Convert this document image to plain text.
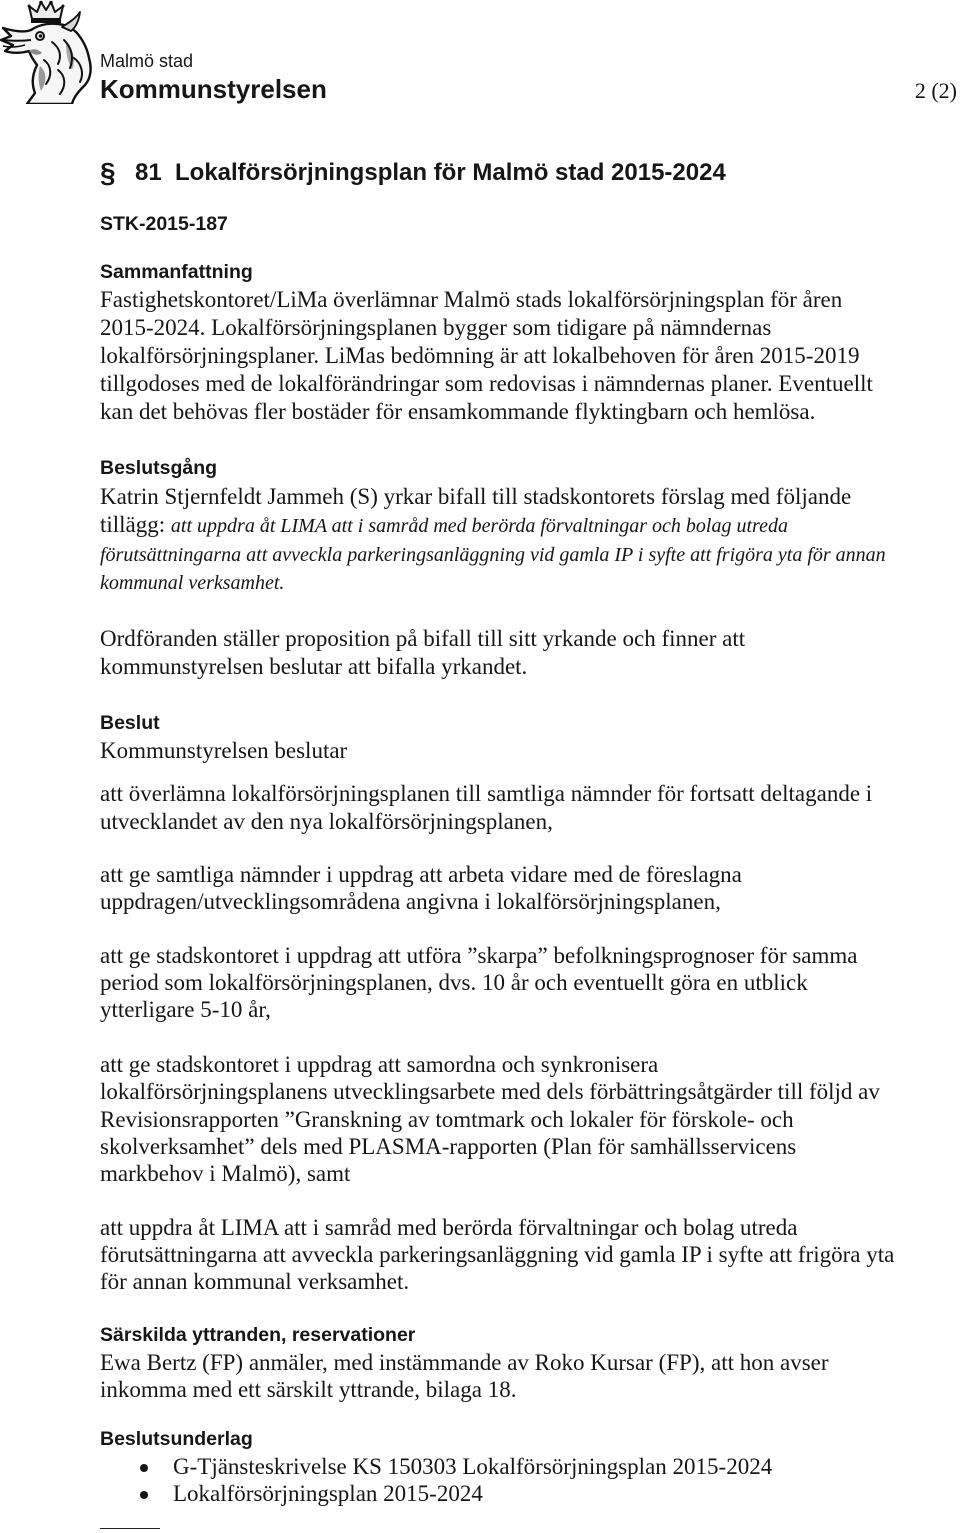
Malmö stad
Kommunstyrelsen	2 (2)
§ 81 Lokalförsörjningsplan för Malmö stad 2015-2024
STK-2015-187
Sammanfattning
Fastighetskontoret/LiMa överlämnar Malmö stads lokalförsörjningsplan för åren
2015-2024. Lokalförsörjningsplanen bygger som tidigare på nämndernas
lokalförsörjningsplaner. LiMas bedömning är att lokalbehoven för åren 2015-2019
tillgodoses med de lokalförändringar som redovisas i nämndernas planer. Eventuellt
kan det behövas fler bostäder för ensamkommande flyktingbarn och hemlösa.
Beslutsgång
Katrin Stjernfeldt Jammeh (S) yrkar bifall till stadskontorets förslag med följande
tillägg: att uppdra åt LIMA att i samråd med berörda förvaltningar och bolag utreda
förutsättningarna att avveckla parkeringsanläggning vid gamla IP i syfte att frigöra yta för annan
kommunal verksamhet.
Ordföranden ställer proposition på bifall till sitt yrkande och finner att
kommunstyrelsen beslutar att bifalla yrkandet.
Beslut
Kommunstyrelsen beslutar
att överlämna lokalförsörjningsplanen till samtliga nämnder för fortsatt deltagande i
utvecklandet av den nya lokalförsörjningsplanen,
att ge samtliga nämnder i uppdrag att arbeta vidare med de föreslagna
uppdragen/utvecklingsområdena angivna i lokalförsörjningsplanen,
att ge stadskontoret i uppdrag att utföra ”skarpa” befolkningsprognoser för samma
period som lokalförsörjningsplanen, dvs. 10 år och eventuellt göra en utblick
ytterligare 5-10 år,
att ge stadskontoret i uppdrag att samordna och synkronisera
lokalförsörjningsplanens utvecklingsarbete med dels förbättringsåtgärder till följd av
Revisionsrapporten ”Granskning av tomtmark och lokaler för förskole- och
skolverksamhet” dels med PLASMA-rapporten (Plan för samhällsservicens
markbehov i Malmö), samt
att uppdra åt LIMA att i samråd med berörda förvaltningar och bolag utreda
förutsättningarna att avveckla parkeringsanläggning vid gamla IP i syfte att frigöra yta
för annan kommunal verksamhet.
Särskilda yttranden, reservationer
Ewa Bertz (FP) anmäler, med instämmande av Roko Kursar (FP), att hon avser
inkomma med ett särskilt yttrande, bilaga 18.
Beslutsunderlag
G-Tjänsteskrivelse KS 150303 Lokalförsörjningsplan 2015-2024
Lokalförsörjningsplan 2015-2024
